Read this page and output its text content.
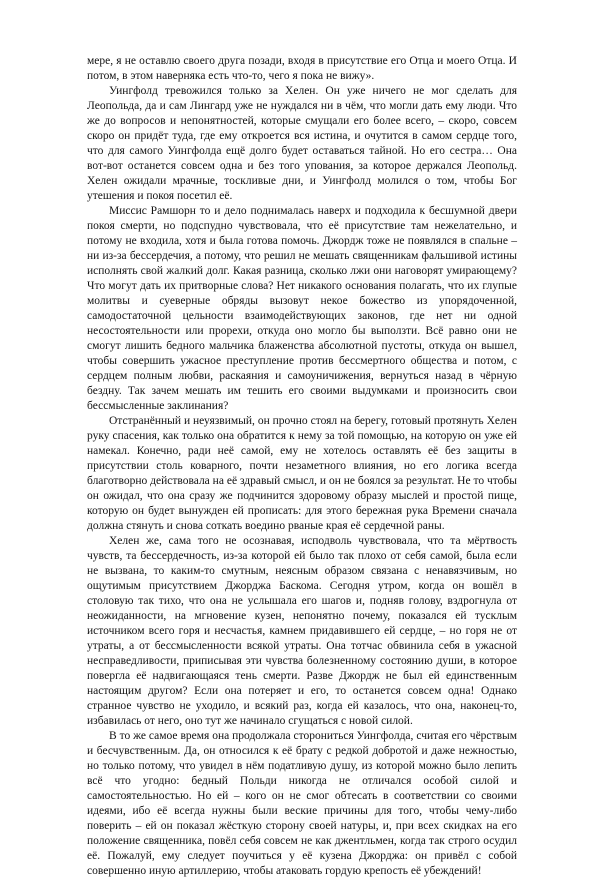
мере, я не оставлю своего друга позади, входя в присутствие его Отца и моего Отца. И потом, в этом наверняка есть что-то, чего я пока не вижу».

Уингфолд тревожился только за Хелен. Он уже ничего не мог сделать для Леопольда, да и сам Лингард уже не нуждался ни в чём, что могли дать ему люди. Что же до вопросов и непонятностей, которые смущали его более всего, – скоро, совсем скоро он придёт туда, где ему откроется вся истина, и очутится в самом сердце того, что для самого Уингфолда ещё долго будет оставаться тайной. Но его сестра… Она вот-вот останется совсем одна и без того упования, за которое держался Леопольд. Хелен ожидали мрачные, тоскливые дни, и Уингфолд молился о том, чтобы Бог утешения и покоя посетил её.

Миссис Рамшорн то и дело поднималась наверх и подходила к бесшумной двери покоя смерти, но подспудно чувствовала, что её присутствие там нежелательно, и потому не входила, хотя и была готова помочь. Джордж тоже не появлялся в спальне – ни из-за бессердечия, а потому, что решил не мешать священникам фальшивой истины исполнять свой жалкий долг. Какая разница, сколько лжи они наговорят умирающему? Что могут дать их притворные слова? Нет никакого основания полагать, что их глупые молитвы и суеверные обряды вызовут некое божество из упорядоченной, самодостаточной цельности взаимодействующих законов, где нет ни одной несостоятельности или прорехи, откуда оно могло бы выползти. Всё равно они не смогут лишить бедного мальчика блаженства абсолютной пустоты, откуда он вышел, чтобы совершить ужасное преступление против бессмертного общества и потом, с сердцем полным любви, раскаяния и самоуничижения, вернуться назад в чёрную бездну. Так зачем мешать им тешить его своими выдумками и произносить свои бессмысленные заклинания?

Отстранённый и неуязвимый, он прочно стоял на берегу, готовый протянуть Хелен руку спасения, как только она обратится к нему за той помощью, на которую он уже ей намекал. Конечно, ради неё самой, ему не хотелось оставлять её без защиты в присутствии столь коварного, почти незаметного влияния, но его логика всегда благотворно действовала на её здравый смысл, и он не боялся за результат. Не то чтобы он ожидал, что она сразу же подчинится здоровому образу мыслей и простой пище, которую он будет вынужден ей прописать: для этого бережная рука Времени сначала должна стянуть и снова соткать воедино рваные края её сердечной раны.

Хелен же, сама того не осознавая, исподволь чувствовала, что та мёртвость чувств, та бессердечность, из-за которой ей было так плохо от себя самой, была если не вызвана, то каким-то смутным, неясным образом связана с ненавязчивым, но ощутимым присутствием Джорджа Баскома. Сегодня утром, когда он вошёл в столовую так тихо, что она не услышала его шагов и, подняв голову, вздрогнула от неожиданности, на мгновение кузен, непонятно почему, показался ей тусклым источником всего горя и несчастья, камнем придавившего ей сердце, – но горя не от утраты, а от бессмысленности всякой утраты. Она тотчас обвинила себя в ужасной несправедливости, приписывая эти чувства болезненному состоянию души, в которое повергла её надвигающаяся тень смерти. Разве Джордж не был ей единственным настоящим другом? Если она потеряет и его, то останется совсем одна! Однако странное чувство не уходило, и всякий раз, когда ей казалось, что она, наконец-то, избавилась от него, оно тут же начинало сгущаться с новой силой.

В то же самое время она продолжала сторониться Уингфолда, считая его чёрствым и бесчувственным. Да, он относился к её брату с редкой добротой и даже нежностью, но только потому, что увидел в нём податливую душу, из которой можно было лепить всё что угодно: бедный Польди никогда не отличался особой силой и самостоятельностью. Но ей – кого он не смог обтесать в соответствии со своими идеями, ибо её всегда нужны были веские причины для того, чтобы чему-либо поверить – ей он показал жёсткую сторону своей натуры, и, при всех скидках на его положение священника, повёл себя совсем не как джентльмен, когда так строго осудил её. Пожалуй, ему следует поучиться у её кузена Джорджа: он привёл с собой совершенно иную артиллерию, чтобы атаковать гордую крепость её убеждений!
